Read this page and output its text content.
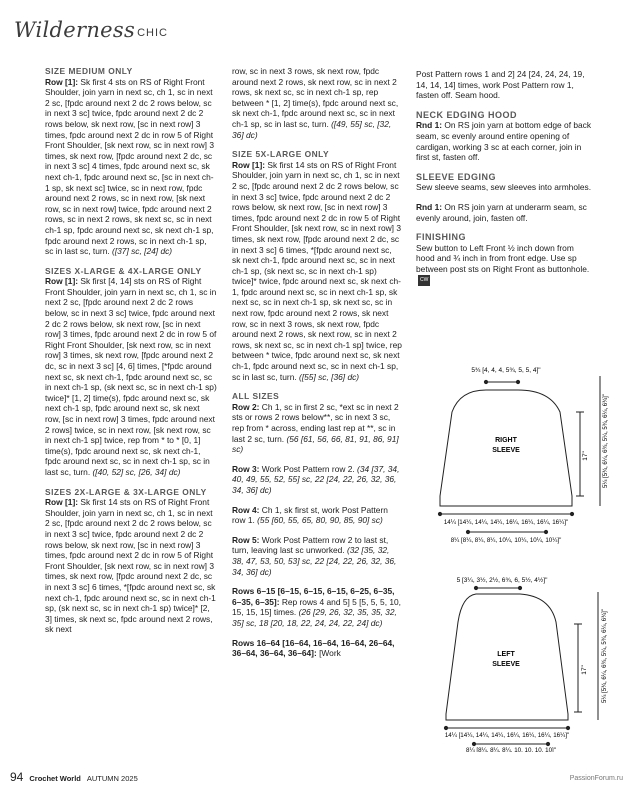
Wilderness CHIC
SIZE MEDIUM ONLY

Row [1]: Sk first 4 sts on RS of Right Front Shoulder, join yarn in next sc, ch 1, sc in next 2 sc, [fpdc around next 2 dc 2 rows below, sc in next 3 sc] twice, fpdc around next 2 dc 2 rows below, sk next row, [sc in next row] 3 times, fpdc around next 2 dc in row 5 of Right Front Shoulder, [sk next row, sc in next row] 3 times, sk next row, [fpdc around next 2 dc, sc in next 3 sc] 4 times, fpdc around next sc, sk next ch-1, fpdc around next sc, [sc in next ch-1 sp, sk next sc] twice, sc in next row, fpdc around next 2 rows, sc in next row, [sk next row, sc in next row] twice, fpdc around next 2 rows, sc in next 2 rows, sk next sc, sc in next ch-1 sp, fpdc around next sc, sk next ch-1 sp, fpdc around next 2 rows, sc in next ch-1 sp, sc in last sc, turn. ([37] sc, [24] dc)

SIZES X-LARGE & 4X-LARGE ONLY

Row [1]: Sk first [4, 14] sts on RS of Right Front Shoulder, join yarn in next sc, ch 1, sc in next 2 sc, [fpdc around next 2 dc 2 rows below, sc in next 3 sc] twice, fpdc around next 2 dc 2 rows below, sk next row, [sc in next row] 3 times, fpdc around next 2 dc in row 5 of Right Front Shoulder, [sk next row, sc in next row] 3 times, sk next row, [fpdc around next 2 dc, sc in next 3 sc] [4, 6] times, [*fpdc around next sc, sk next ch-1, fpdc around next sc, sc in next ch-1 sp, (sk next sc, sc in next ch-1 sp) twice]* [1, 2] time(s), fpdc around next sc, sk next ch-1 sp, fpdc around next sc, sk next row, [sc in next row] 3 times, fpdc around next 2 rows] twice, sc in next row, [sk next row, sc in next ch-1 sp] twice, rep from * to * [0, 1] time(s), fpdc around next sc, sk next ch-1, fpdc around next sc, sc in next ch-1 sp, sc in last sc, turn. ([40, 52] sc, [26, 34] dc)

SIZES 2X-LARGE & 3X-LARGE ONLY

Row [1]: Sk first 14 sts on RS of Right Front Shoulder, join yarn in next sc, ch 1, sc in next 2 sc, [fpdc around next 2 dc 2 rows below, sc in next 3 sc] twice, fpdc around next 2 dc 2 rows below, sk next row, [sc in next row] 3 times, fpdc around next 2 dc in row 5 of Right Front Shoulder, [sk next row, sc in next row] 3 times, sk next row, [fpdc around next 2 dc, sc in next 3 sc] 6 times, *[fpdc around next sc, sk next ch-1, fpdc around next sc, sc in next ch-1 sp, (sk next sc, sc in next ch-1 sp) twice]* [2, 3] times, sk next sc, fpdc around next 2 rows, sk next

row, sc in next 3 rows, sk next row, fpdc around next 2 rows, sk next row, sc in next 2 rows, sk next sc, sc in next ch-1 sp, rep between * [1, 2] time(s), fpdc around next sc, sk next ch-1, fpdc around next sc, sc in next ch-1 sp, sc in last sc, turn. ([49, 55] sc, [32, 36] dc)

SIZE 5X-LARGE ONLY

Row [1]: Sk first 14 sts on RS of Right Front Shoulder, join yarn in next sc, ch 1, sc in next 2 sc, [fpdc around next 2 dc 2 rows below, sc in next 3 sc] twice, fpdc around next 2 dc 2 rows below, sk next row, [sc in next row] 3 times, fpdc around next 2 dc in row 5 of Right Front Shoulder, [sk next row, sc in next row] 3 times, sk next row, [fpdc around next 2 dc, sc in next 3 sc] 6 times, *[fpdc around next sc, sk next ch-1, fpdc around next sc, sc in next ch-1 sp, (sk next sc, sc in next ch-1 sp) twice]* twice, fpdc around next sc, sk next ch-1, fpdc around next sc, sc in next ch-1 sp, sk next sc, sc in next ch-1 sp, sk next sc, sc in next row, fpdc around next 2 rows, sk next row, sc in next 3 rows, sk next row, fpdc around next 2 rows, sk next row, sc in next 2 rows, sk next sc, sc in next ch-1 sp] twice, rep between * twice, fpdc around next sc, sk next ch-1, fpdc around next sc, sc in next ch-1 sp, sc in last sc, turn. ([55] sc, [36] dc)

ALL SIZES

Row 2: Ch 1, sc in first 2 sc, *ext sc in next 2 sts or rows 2 rows below**, sc in next 3 sc, rep from * across, ending last rep at **, sc in last 2 sc, turn. (56 [61, 56, 66, 81, 91, 86, 91] sc)

Row 3: Work Post Pattern row 2. (34 [37, 34, 40, 49, 55, 52, 55] sc, 22 [24, 22, 26, 32, 36, 34, 36] dc)

Row 4: Ch 1, sk first st, work Post Pattern row 1. (55 [60, 55, 65, 80, 90, 85, 90] sc)

Row 5: Work Post Pattern row 2 to last st, turn, leaving last sc unworked. (32 [35, 32, 38, 47, 53, 50, 53] sc, 22 [24, 22, 26, 32, 36, 34, 36] dc)

Rows 6–15 [6–15, 6–15, 6–15, 6–25, 6–35, 6–35, 6–35]: Rep rows 4 and 5] 5 [5, 5, 5, 10, 15, 15, 15] times. (26 [29, 26, 32, 35, 35, 32, 35] sc, 18 [20, 18, 22, 24, 24, 22, 24] dc)

Rows 16–64 [16–64, 16–64, 16–64, 26–64, 36–64, 36–64, 36–64]: [Work

Post Pattern rows 1 and 2] 24 [24, 24, 24, 19, 14, 14, 14] times, work Post Pattern row 1, fasten off. Seam hood.

NECK EDGING HOOD

Rnd 1: On RS join yarn at bottom edge of back seam, sc evenly around entire opening of cardigan, working 3 sc at each corner, join in first st, fasten off.

SLEEVE EDGING

Sew sleeve seams, sew sleeves into armholes.

Rnd 1: On RS join yarn at underarm seam, sc evenly around, join, fasten off.

FINISHING

Sew button to Left Front ½ inch down from hood and ¾ inch in from front edge. Use sp between post sts on Right Front as buttonhole.CW

5¾ [4, 4, 4, 5¾, 5, 5, 4]"
RIGHT
SLEEVE
17" 5¼ [5¾, 6¼, 6¾, 5¼, 5¾, 6¼, 6¾]"
14¼ [14¼, 14¼, 14¼, 16¼, 16¼, 16¼, 16¼]"
8¼ [8¼, 8¼, 8¼, 10¼, 10¼, 10¼, 10¼]"
5 [3¼, 3½, 2½, 6¾, 6, 5½, 4½]"
LEFT
SLEEVE
17" 5¼ [5¾, 6¼, 6¾, 5¼, 5¾, 6¼, 6¾]"
14¼ [14¼, 14¼, 14¼, 16¼, 16¼, 16¼, 16¼]"
8¼ [8¼, 8¼, 8¼, 10, 10, 10, 10]"
94 Crochet World AUTUMN 2025	PassionForum.ru
